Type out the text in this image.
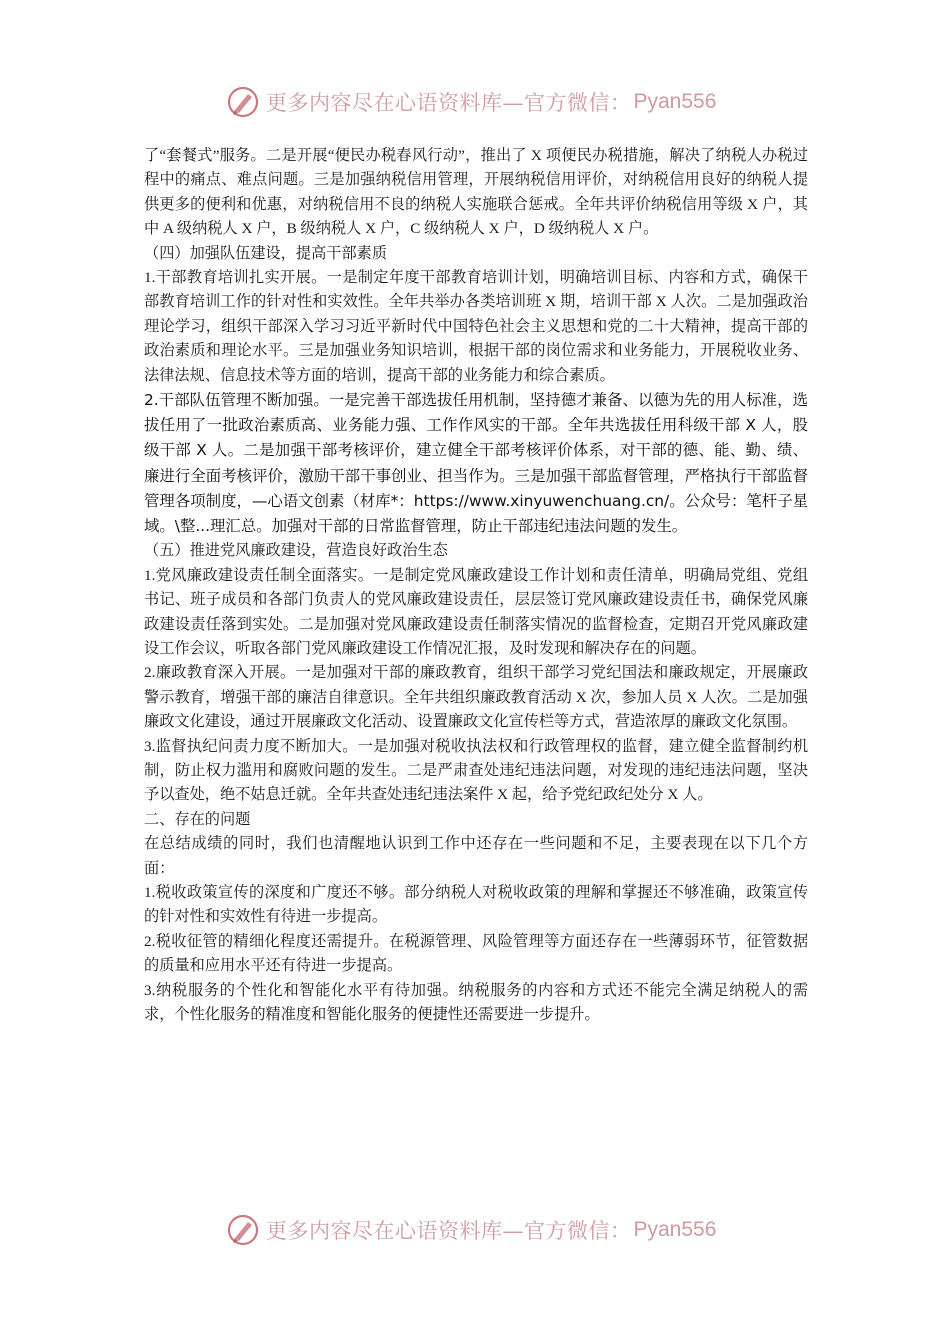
更多内容尽在心语资料库—官方微信： Pyan556

了“套餐式”服务。二是开展“便民办税春风行动”，推出了 X 项便民办税措施，解决了纳税人办税过程中的痛点、难点问题。三是加强纳税信用管理，开展纳税信用评价，对纳税信用良好的纳税人提供更多的便利和优惠，对纳税信用不良的纳税人实施联合惩戒。全年共评价纳税信用等级 X 户，其中 A 级纳税人 X 户，B 级纳税人 X 户，C 级纳税人 X 户，D 级纳税人 X 户。

（四）加强队伍建设，提高干部素质

1.干部教育培训扎实开展。一是制定年度干部教育培训计划，明确培训目标、内容和方式，确保干部教育培训工作的针对性和实效性。全年共举办各类培训班 X 期，培训干部 X 人次。二是加强政治理论学习，组织干部深入学习习近平新时代中国特色社会主义思想和党的二十大精神，提高干部的政治素质和理论水平。三是加强业务知识培训，根据干部的岗位需求和业务能力，开展税收业务、法律法规、信息技术等方面的培训，提高干部的业务能力和综合素质。

2.干部队伍管理不断加强。一是完善干部选拔任用机制，坚持德才兼备、以德为先的用人标准，选拔任用了一批政治素质高、业务能力强、工作作风实的干部。全年共选拔任用科级干部 X 人，股级干部 X 人。二是加强干部考核评价，建立健全干部考核评价体系，对干部的德、能、勤、绩、廉进行全面考核评价，激励干部干事创业、担当作为。三是加强干部监督管理，严格执行干部监督管理各项制度，—心语文创素（材库*：https://www.xinyuwenchuang.cn/。公众号：笔杆子星域。\整...理汇总。加强对干部的日常监督管理，防止干部违纪违法问题的发生。

（五）推进党风廉政建设，营造良好政治生态

1.党风廉政建设责任制全面落实。一是制定党风廉政建设工作计划和责任清单，明确局党组、党组书记、班子成员和各部门负责人的党风廉政建设责任，层层签订党风廉政建设责任书，确保党风廉政建设责任落到实处。二是加强对党风廉政建设责任制落实情况的监督检查，定期召开党风廉政建设工作会议，听取各部门党风廉政建设工作情况汇报，及时发现和解决存在的问题。

2.廉政教育深入开展。一是加强对干部的廉政教育，组织干部学习党纪国法和廉政规定，开展廉政警示教育，增强干部的廉洁自律意识。全年共组织廉政教育活动 X 次，参加人员 X 人次。二是加强廉政文化建设，通过开展廉政文化活动、设置廉政文化宣传栏等方式，营造浓厚的廉政文化氛围。

3.监督执纪问责力度不断加大。一是加强对税收执法权和行政管理权的监督，建立健全监督制约机制，防止权力滥用和腐败问题的发生。二是严肃查处违纪违法问题，对发现的违纪违法问题，坚决予以查处，绝不姑息迁就。全年共查处违纪违法案件 X 起，给予党纪政纪处分 X 人。

二、存在的问题

在总结成绩的同时，我们也清醒地认识到工作中还存在一些问题和不足，主要表现在以下几个方面：

1.税收政策宣传的深度和广度还不够。部分纳税人对税收政策的理解和掌握还不够准确，政策宣传的针对性和实效性有待进一步提高。

2.税收征管的精细化程度还需提升。在税源管理、风险管理等方面还存在一些薄弱环节，征管数据的质量和应用水平还有待进一步提高。

3.纳税服务的个性化和智能化水平有待加强。纳税服务的内容和方式还不能完全满足纳税人的需求，个性化服务的精准度和智能化服务的便捷性还需要进一步提升。

更多内容尽在心语资料库—官方微信： Pyan556
